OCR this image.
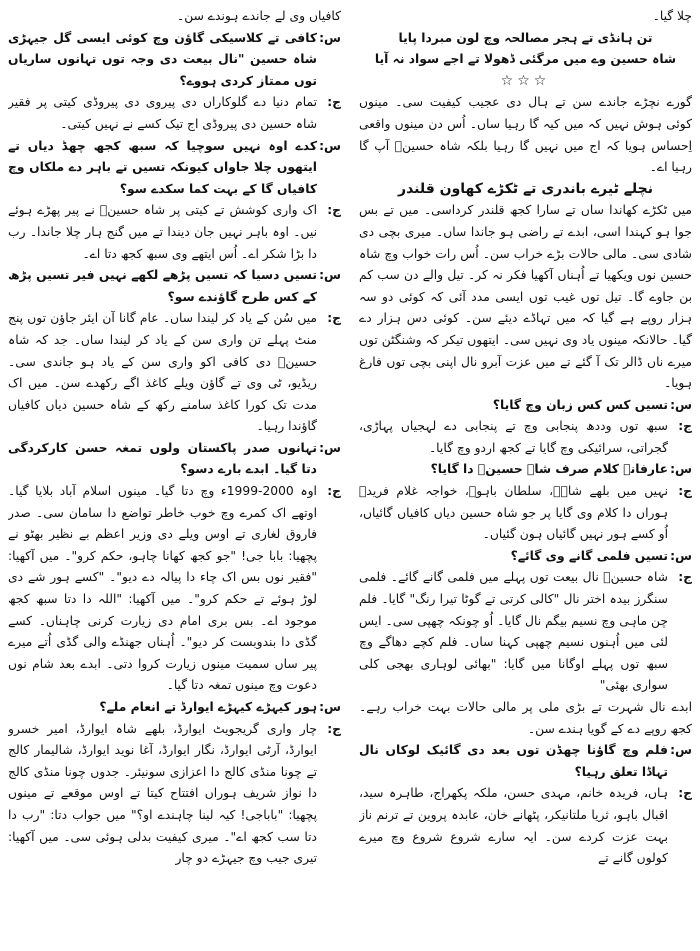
چلا گیا۔

تن ہانڈی تے ہجر مصالحہ وچ لون مبردا پایا

شاہ حسین وے میں مرگئی ڈھولا تے اجے سواد نہ آیا

☆☆☆

گورے نچڑے جاندے سن تے ہال دی عجیب کیفیت سی۔ مینوں کوئی ہوش نہیں کہ میں کیہ گا رہیا ساں۔ اُس دن مینوں واقعی اِحساس ہویا کہ اج میں نہیں گا رہیا بلکہ شاہ حسینؒ آپ گا رہیا اے۔

نچلے ٹیرے باندری تے ٹکڑے کھاون قلندر

میں ٹکڑے کھاندا ساں تے سارا کجھ قلندر کرداسی۔ میں تے بس جوا ہو کہندا اسی، ابدے تے راضی ہو جاندا ساں۔ میری بچی دی شادی سی۔ مالی حالات بڑے خراب سن۔ اُس رات خواب وچ شاہ حسین نوں ویکھیا تے اُہناں آکھیا فکر نہ کر۔ تیل والے دن سب کم بن جاوے گا۔ تیل توں غیب توں ایسی مدد آئی کہ کوئی دو سہ ہزار روپے ہے گیا کہ میں تہاڈے دیئے سن۔ کوئی دس ہزار دے گیا۔ حالانکہ مینوں یاد وی نہیں سی۔ ایتھوں تیکر کہ وشنگٹن توں میرے ناں ڈالر تک آ گئے تے میں عزت آبرو نال اپنی بچی توں فارغ ہویا۔

س:
تسیں کس کس زبان وچ گایا؟
ج:
سبھ توں وددھ پنجابی وچ تے پنجابی دے لہجیاں پہاڑی، گجراتی، سرائیکی وچ گایا تے کجھ اردو وچ گایا۔
س:
عارفانہ کلام صرف شاہ حسینؒ دا گایا؟
ج:
نہیں میں بلھے شاہؒ، سلطان باہوؒ، خواجہ غلام فریدؒ ہوراں دا کلام وی گایا پر جو شاہ حسین دیاں کافیاں گائیاں، اُو کسے ہور نہیں گائیاں ہون گئیاں۔
س:
تسیں فلمی گانے وی گائے؟
ج:
شاہ حسینؒ نال بیعت توں پہلے میں فلمی گانے گائے۔ فلمی سنگرز بیدہ اختر نال "کالی کرتی تے گوٹا تیرا رنگ" گایا۔ فلم چن ماہی وچ نسیم بیگم نال گایا۔ اُو چونکہ چھپی سی۔ ایس لئی میں اُہنوں نسیم چھپی کہنا ساں۔ فلم کچے دھاگے وچ سبھ توں پہلے اوگانا میں گایا: "بھائی لوہاری بھجی کلی سواری بھئی"

ابدے نال شہرت تے بڑی ملی پر مالی حالات بہت خراب رہے۔ کجھ روپے دے کے گویا ہندے سن۔

س:
فلم وچ گاؤنا چھڈن توں بعد دی گائیک لوکاں نال تہاڈا تعلق رہیا؟
ج:
ہاں، فریدہ خانم، مہدی حسن، ملکہ پکھراج، طاہرہ سید، اقبال باہو، ثریا ملتانیکر، پٹھانے خان، عابدہ پروین تے ترنم ناز بہت عزت کردے سن۔ ایہ سارے شروع شروع وچ میرے کولوں گانے تے

کافیاں وی لے جاندے ہوندے سن۔

س:
کافی تے کلاسیکی گاؤن وچ کوئی ایسی گل جیہڑی شاہ حسین "نال بیعت دی وجہ توں تہانوں ساریاں توں ممتاز کردی ہووے؟
ج:
تمام دنیا دے گلوکاراں دی پیروی دی پیروڈی کیتی پر فقیر شاہ حسین دی پیروڈی اج تیک کسے نے نہیں کیتی۔
س:
کدے اوہ نہیں سوچیا کہ سبھ کجھ چھڈ دیاں تے ایتھوں چلا جاواں کیونکہ تسیں تے باہر دے ملکاں وچ کافیاں گا کے بہت کما سکدے سو؟
ج:
اک واری کوشش تے کیتی پر شاہ حسینؒ نے پیر پھڑے ہوئے نیں۔ اوہ باہر نہیں جان دیندا تے میں گنج ہار چلا جاندا۔ رب دا بڑا شکر اے۔ اُس ایتھے وی سبھ کجھ دتا اے۔
س:
تسیں دسیا کہ تسیں پڑھے لکھے نہیں فیر تسیں پڑھ کے کس طرح گاؤندے سو؟
ج:
میں سُن کے یاد کر لیندا ساں۔ عام گانا آن ایئر جاؤن توں پنج منٹ پہلے تن واری سن کے یاد کر لیندا ساں۔ جد کہ شاہ حسینؒ دی کافی اکو واری سن کے یاد ہو جاندی سی۔ ریڈیو، ٹی وی تے گاؤن ویلے کاغذ اگے رکھدے سن۔ میں اک مدت تک کورا کاغذ سامنے رکھ کے شاہ حسین دیاں کافیاں گاؤندا رہیا۔
س:
تہانوں صدر پاکستان ولوں تمغہ حسن کارکردگی دتا گیا۔ ابدے بارے دسو؟
ج:
اوہ 2000-1999ء وچ دتا گیا۔ مینوں اسلام آباد بلایا گیا۔ اوتھے اک کمرے وچ خوب خاطر تواضع دا سامان سی۔ صدر فاروق لغاری تے اوس ویلے دی وزیر اعظم بے نظیر بھٹو نے پچھیا: بابا جی! "جو کجھ کھانا چاہو، حکم کرو"۔ میں آکھیا: "فقیر نوں بس اک چاء دا پیالہ دے دیو"۔ "کسے ہور شے دی لوڑ ہوئے تے حکم کرو"۔ میں آکھیا: "اللہ دا دتا سبھ کجھ موجود اے۔ بس بری امام دی زیارت کرنی چاہناں۔ کسے گڈی دا بندوبست کر دیو"۔ اُہناں جھنڈے والی گڈی اُتے میرے پیر ساں سمیت مینوں زیارت کروا دتی۔ ابدے بعد شام نوں دعوت وچ مینوں تمغہ دتا گیا۔
س:
ہور کیہڑے کیہڑے ایوارڈ تے انعام ملے؟
ج:
چار واری گریجویٹ ایوارڈ، بلھے شاہ ایوارڈ، امیر خسرو ایوارڈ، آرٹی ایوارڈ، نگار ایوارڈ، آغا نوید ایوارڈ، شالیمار کالج تے چونا منڈی کالج دا اعزازی سونیئر۔ جدوں چونا منڈی کالج دا نواز شریف ہوراں افتتاح کیتا تے اوس موقعے تے مینوں پچھیا: "باباجی! کیہ لینا چاہندے او؟" میں جواب دتا: "رب دا دتا سب کجھ اے"۔ میری کیفیت بدلی ہوئی سی۔ میں آکھیا: تیری جیب وچ جیہڑے دو چار
